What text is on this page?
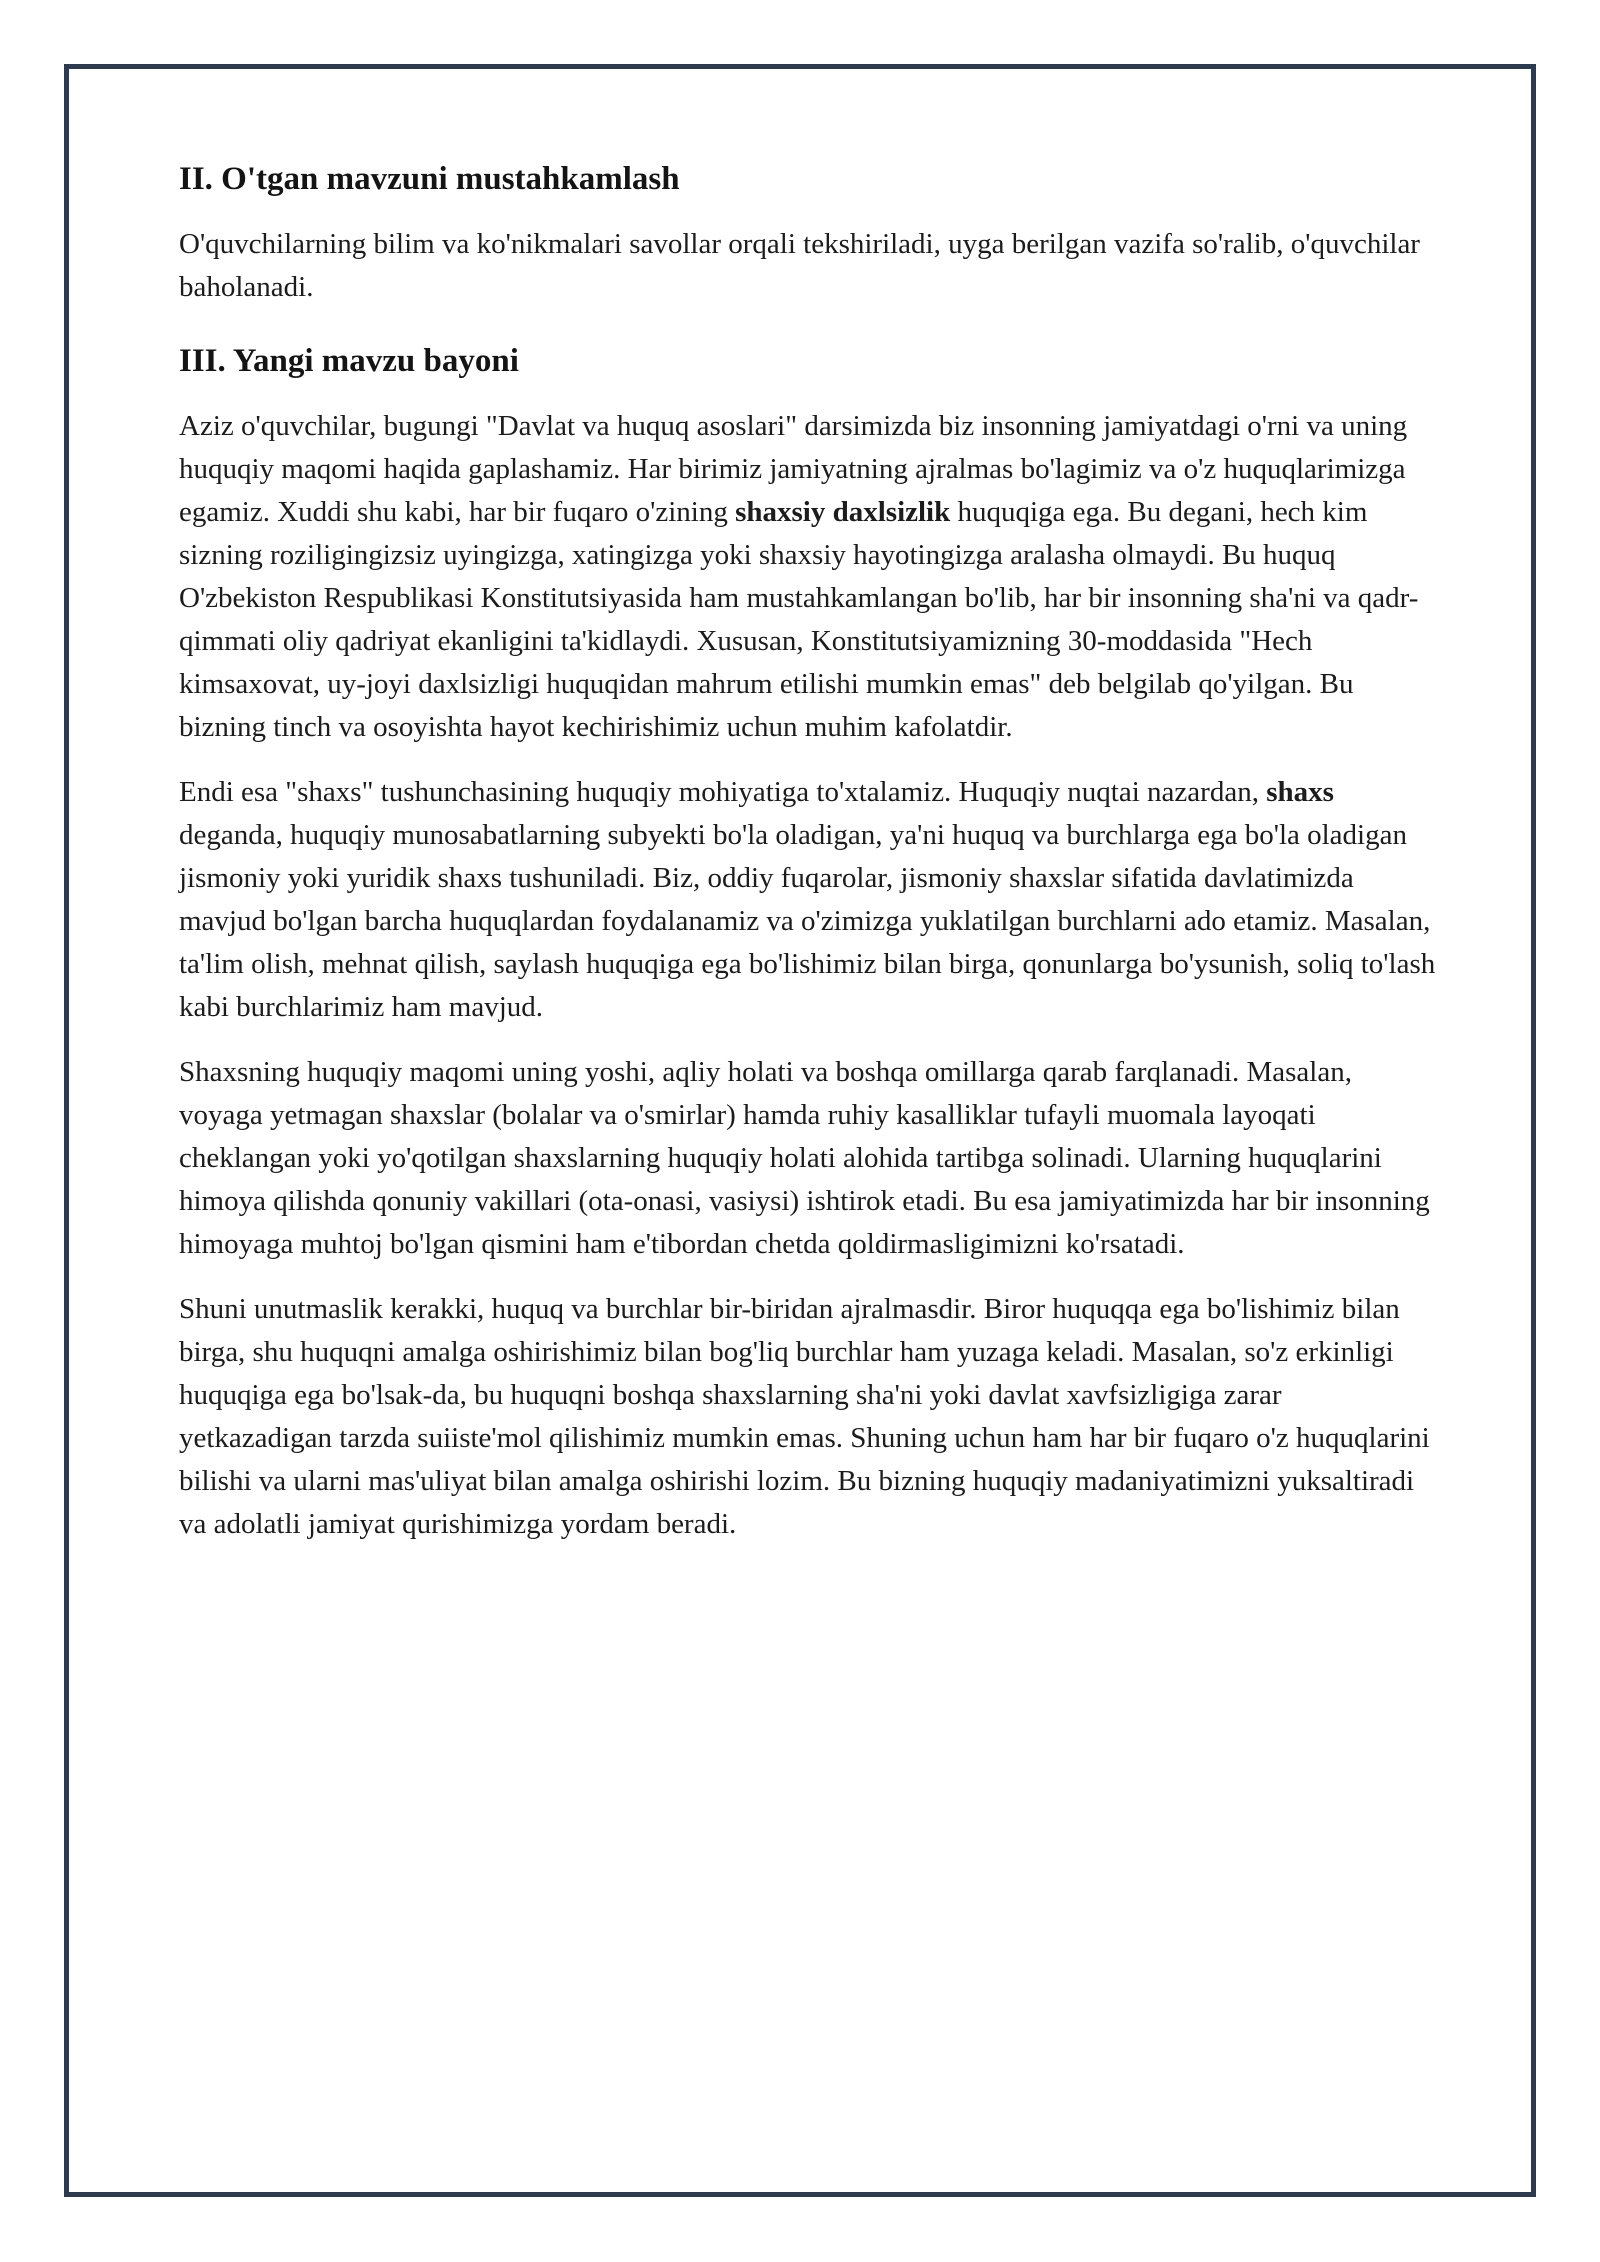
II. O'tgan mavzuni mustahkamlash

O'quvchilarning bilim va ko'nikmalari savollar orqali tekshiriladi, uyga berilgan vazifa so'ralib, o'quvchilar baholanadi.

III. Yangi mavzu bayoni

Aziz o'quvchilar, bugungi "Davlat va huquq asoslari" darsimizda biz insonning jamiyatdagi o'rni va uning huquqiy maqomi haqida gaplashamiz. Har birimiz jamiyatning ajralmas bo'lagimiz va o'z huquqlarimizga egamiz. Xuddi shu kabi, har bir fuqaro o'zining shaxsiy daxlsizlik huquqiga ega. Bu degani, hech kim sizning roziligingizsiz uyingizga, xatingizga yoki shaxsiy hayotingizga aralasha olmaydi. Bu huquq O'zbekiston Respublikasi Konstitutsiyasida ham mustahkamlangan bo'lib, har bir insonning sha'ni va qadr-qimmati oliy qadriyat ekanligini ta'kidlaydi. Xususan, Konstitutsiyamizning 30-moddasida "Hech kimsaxovat, uy-joyi daxlsizligi huquqidan mahrum etilishi mumkin emas" deb belgilab qo'yilgan. Bu bizning tinch va osoyishta hayot kechirishimiz uchun muhim kafolatdir.

Endi esa "shaxs" tushunchasining huquqiy mohiyatiga to'xtalamiz. Huquqiy nuqtai nazardan, shaxs deganda, huquqiy munosabatlarning subyekti bo'la oladigan, ya'ni huquq va burchlarga ega bo'la oladigan jismoniy yoki yuridik shaxs tushuniladi. Biz, oddiy fuqarolar, jismoniy shaxslar sifatida davlatimizda mavjud bo'lgan barcha huquqlardan foydalanamiz va o'zimizga yuklatilgan burchlarni ado etamiz. Masalan, ta'lim olish, mehnat qilish, saylash huquqiga ega bo'lishimiz bilan birga, qonunlarga bo'ysunish, soliq to'lash kabi burchlarimiz ham mavjud.

Shaxsning huquqiy maqomi uning yoshi, aqliy holati va boshqa omillarga qarab farqlanadi. Masalan, voyaga yetmagan shaxslar (bolalar va o'smirlar) hamda ruhiy kasalliklar tufayli muomala layoqati cheklangan yoki yo'qotilgan shaxslarning huquqiy holati alohida tartibga solinadi. Ularning huquqlarini himoya qilishda qonuniy vakillari (ota-onasi, vasiysi) ishtirok etadi. Bu esa jamiyatimizda har bir insonning himoyaga muhtoj bo'lgan qismini ham e'tibordan chetda qoldirmasligimizni ko'rsatadi.

Shuni unutmaslik kerakki, huquq va burchlar bir-biridan ajralmasdir. Biror huquqqa ega bo'lishimiz bilan birga, shu huquqni amalga oshirishimiz bilan bog'liq burchlar ham yuzaga keladi. Masalan, so'z erkinligi huquqiga ega bo'lsak-da, bu huquqni boshqa shaxslarning sha'ni yoki davlat xavfsizligiga zarar yetkazadigan tarzda suiiste'mol qilishimiz mumkin emas. Shuning uchun ham har bir fuqaro o'z huquqlarini bilishi va ularni mas'uliyat bilan amalga oshirishi lozim. Bu bizning huquqiy madaniyatimizni yuksaltiradi va adolatli jamiyat qurishimizga yordam beradi.
